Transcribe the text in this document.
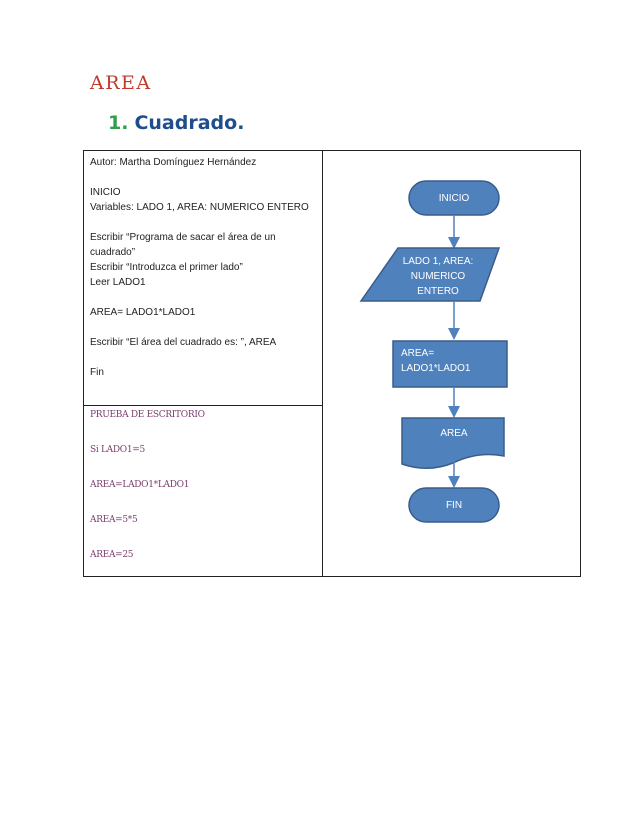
AREA
1. Cuadrado.

Autor: Martha Domínguez Hernández

INICIO

Variables: LADO 1, AREA: NUMERICO ENTERO

Escribir “Programa de sacar el área de un cuadrado”

Escribir “Introduzca el primer lado”

Leer LADO1

AREA= LADO1*LADO1

Escribir “El área del cuadrado es: ”, AREA

Fin

PRUEBA DE ESCRITORIO

Si LADO1=5

AREA=LADO1*LADO1

AREA=5*5

AREA=25

INICIO
LADO 1, AREA: NUMERICO ENTERO
AREA= LADO1*LADO1
AREA
FIN
